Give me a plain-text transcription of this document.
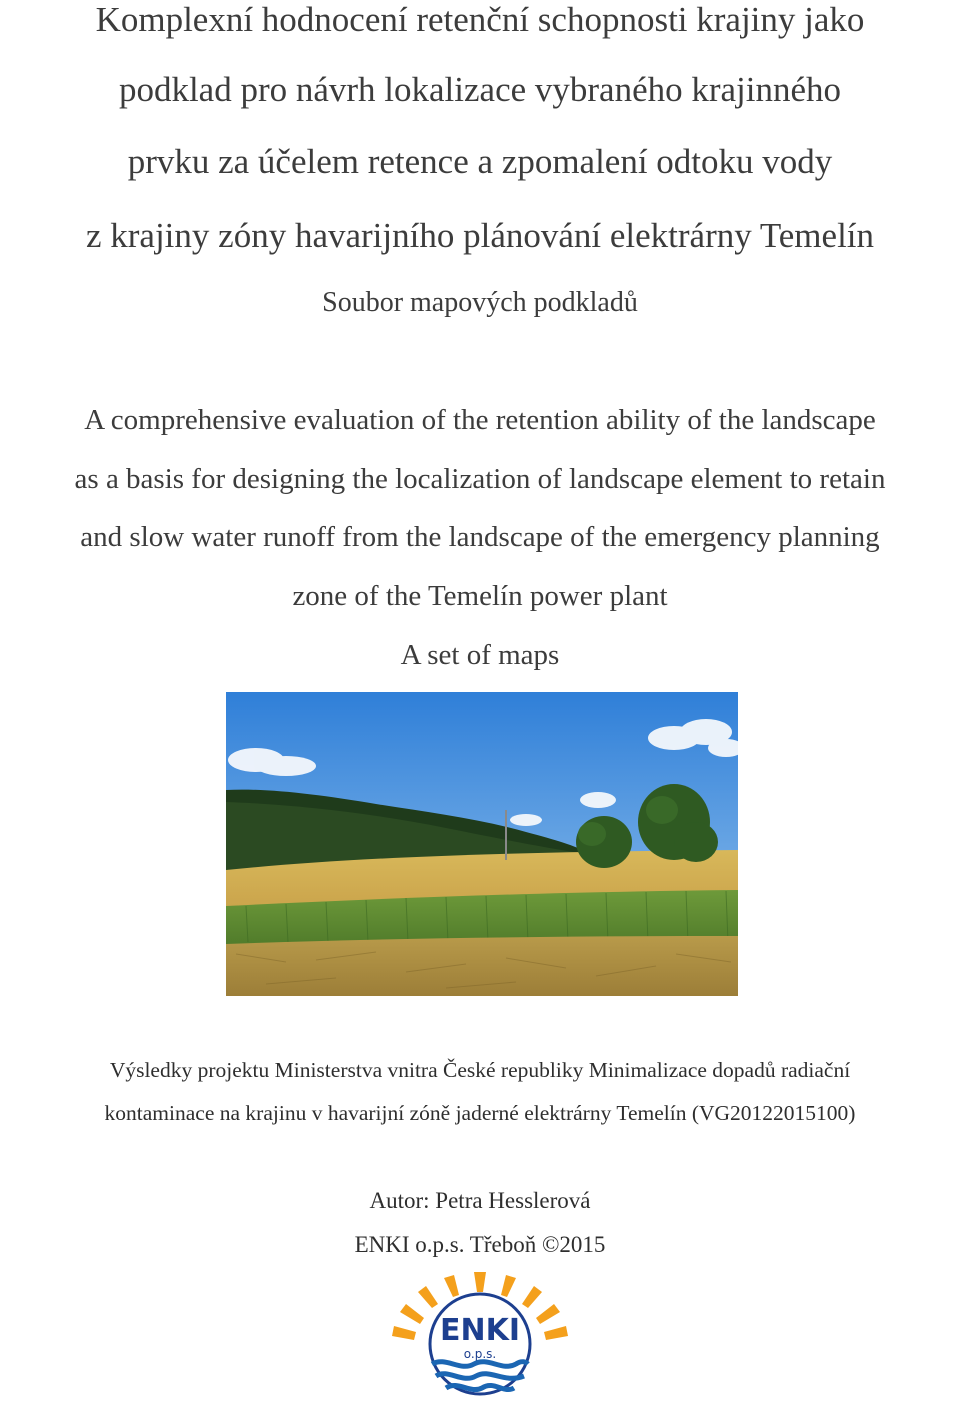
Komplexní hodnocení retenční schopnosti krajiny jako
podklad pro návrh lokalizace vybraného krajinného
prvku za účelem retence a zpomalení odtoku vody
z krajiny zóny havarijního plánování elektrárny Temelín
Soubor mapových podkladů
A comprehensive evaluation of the retention ability of the landscape
as a basis for designing the localization of landscape element to retain
and slow water runoff from the landscape of the emergency planning
zone of the Temelín power plant
A set of maps
Výsledky projektu Ministerstva vnitra České republiky Minimalizace dopadů radiační
kontaminace na krajinu v havarijní zóně jaderné elektrárny Temelín (VG20122015100)
Autor: Petra Hesslerová
ENKI o.p.s. Třeboň ©2015
ENKI
o.p.s.
